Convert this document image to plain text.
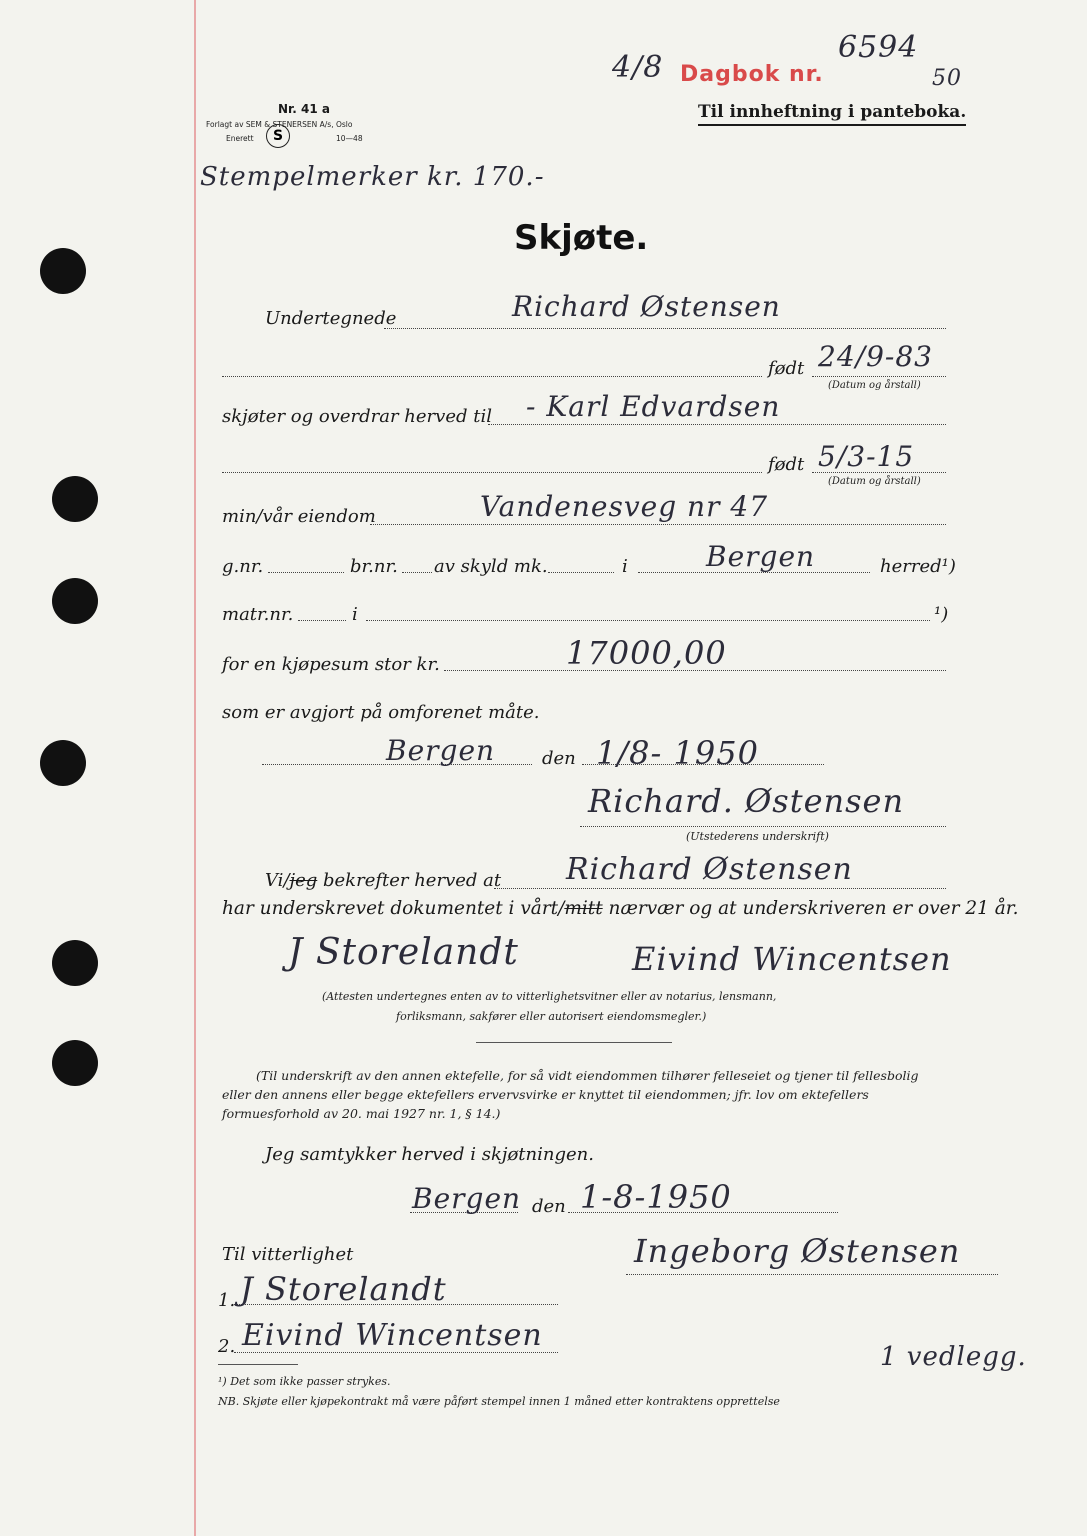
4/8 Dagbok nr.
6594
50
Til innheftning i panteboka.
Nr. 41 a
Forlagt av SEM & STENERSEN A/s, Oslo
Enerett	S	10—48
Stempelmerker kr. 170.-
Skjøte.
Undertegnede	Richard Østensen
født 24/9-83
(Datum og årstall)
skjøter og overdrar herved til - Karl Edvardsen
født 5/3-15
(Datum og årstall)
min/vår eiendom	Vandenesveg nr 47
g.nr.	br.nr. av skyld mk.	i	Bergen	herred¹)
matr.nr.	i	¹)
for en kjøpesum stor kr.	17000,00
som er avgjort på omforenet måte.
Bergen	den 1/8- 1950
Richard. Østensen
(Utstederens underskrift)
Vi/jeg bekrefter herved at Richard Østensen
har underskrevet dokumentet i vårt/mitt nærvær og at underskriveren er over 21 år.
J Storelandt	Eivind Wincentsen
(Attesten undertegnes enten av to vitterlighetsvitner eller av notarius, lensmann,
forliksmann, sakfører eller autorisert eiendomsmegler.)
(Til underskrift av den annen ektefelle, for så vidt eiendommen tilhører felleseiet og tjener til fellesbolig eller den annens eller begge ektefellers ervervsvirke er knyttet til eiendommen; jfr. lov om ektefellers formuesforhold av 20. mai 1927 nr. 1, § 14.)
Jeg samtykker herved i skjøtningen.
Bergen den 1-8-1950
Ingeborg Østensen
Til vitterlighet
1. J Storelandt
2. Eivind Wincentsen
1 vedlegg.
¹) Det som ikke passer strykes.
NB. Skjøte eller kjøpekontrakt må være påført stempel innen 1 måned etter kontraktens opprettelse
